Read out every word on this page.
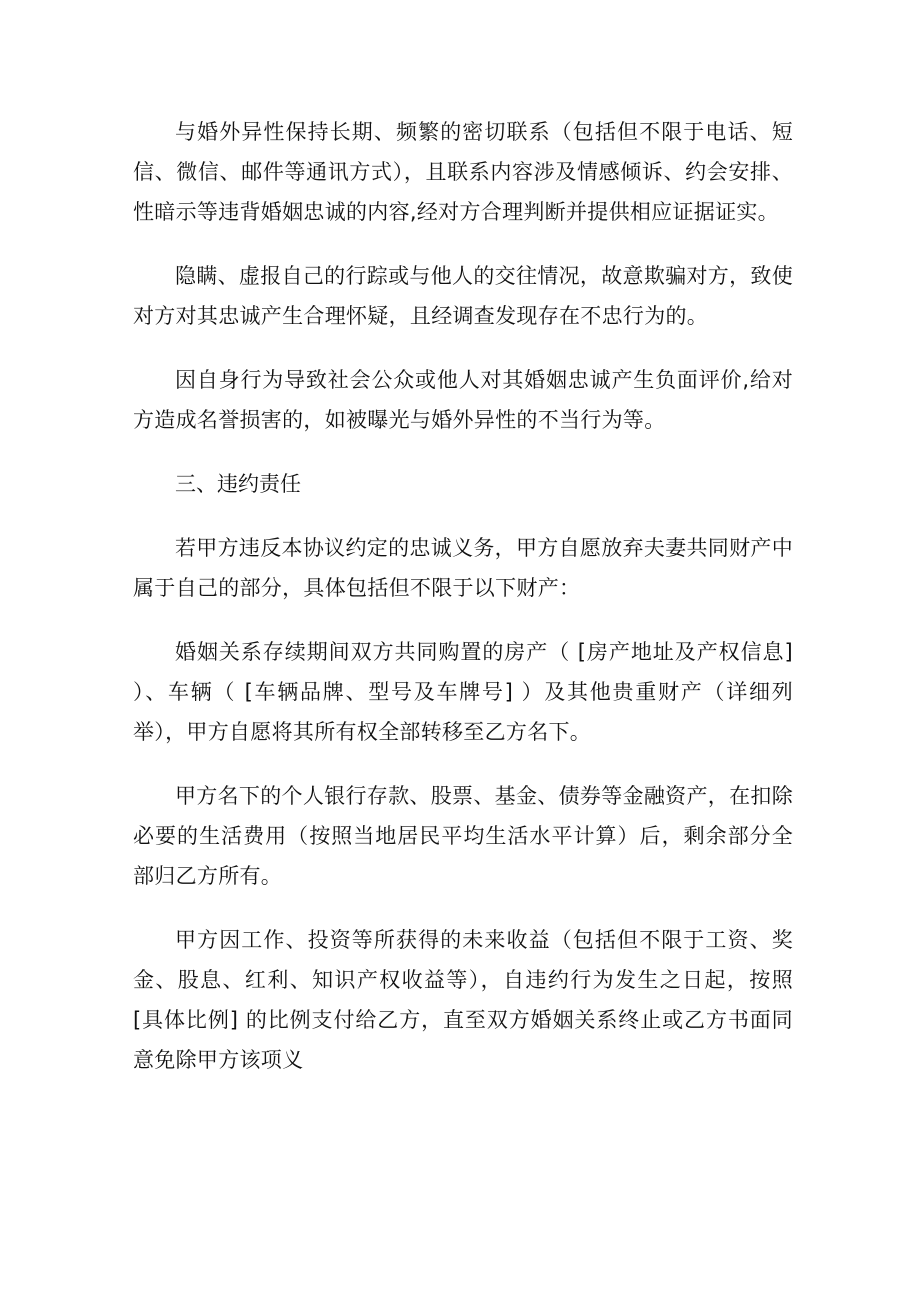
与婚外异性保持长期、频繁的密切联系（包括但不限于电话、短信、微信、邮件等通讯方式），且联系内容涉及情感倾诉、约会安排、性暗示等违背婚姻忠诚的内容,经对方合理判断并提供相应证据证实。

隐瞒、虚报自己的行踪或与他人的交往情况，故意欺骗对方，致使对方对其忠诚产生合理怀疑，且经调查发现存在不忠行为的。

因自身行为导致社会公众或他人对其婚姻忠诚产生负面评价,给对方造成名誉损害的，如被曝光与婚外异性的不当行为等。

三、违约责任

若甲方违反本协议约定的忠诚义务，甲方自愿放弃夫妻共同财产中属于自己的部分，具体包括但不限于以下财产：

婚姻关系存续期间双方共同购置的房产（ [房产地址及产权信息] ）、车辆（ [车辆品牌、型号及车牌号] ）及其他贵重财产（详细列举），甲方自愿将其所有权全部转移至乙方名下。

甲方名下的个人银行存款、股票、基金、债券等金融资产，在扣除必要的生活费用（按照当地居民平均生活水平计算）后，剩余部分全部归乙方所有。

甲方因工作、投资等所获得的未来收益（包括但不限于工资、奖金、股息、红利、知识产权收益等），自违约行为发生之日起，按照 [具体比例] 的比例支付给乙方，直至双方婚姻关系终止或乙方书面同意免除甲方该项义
